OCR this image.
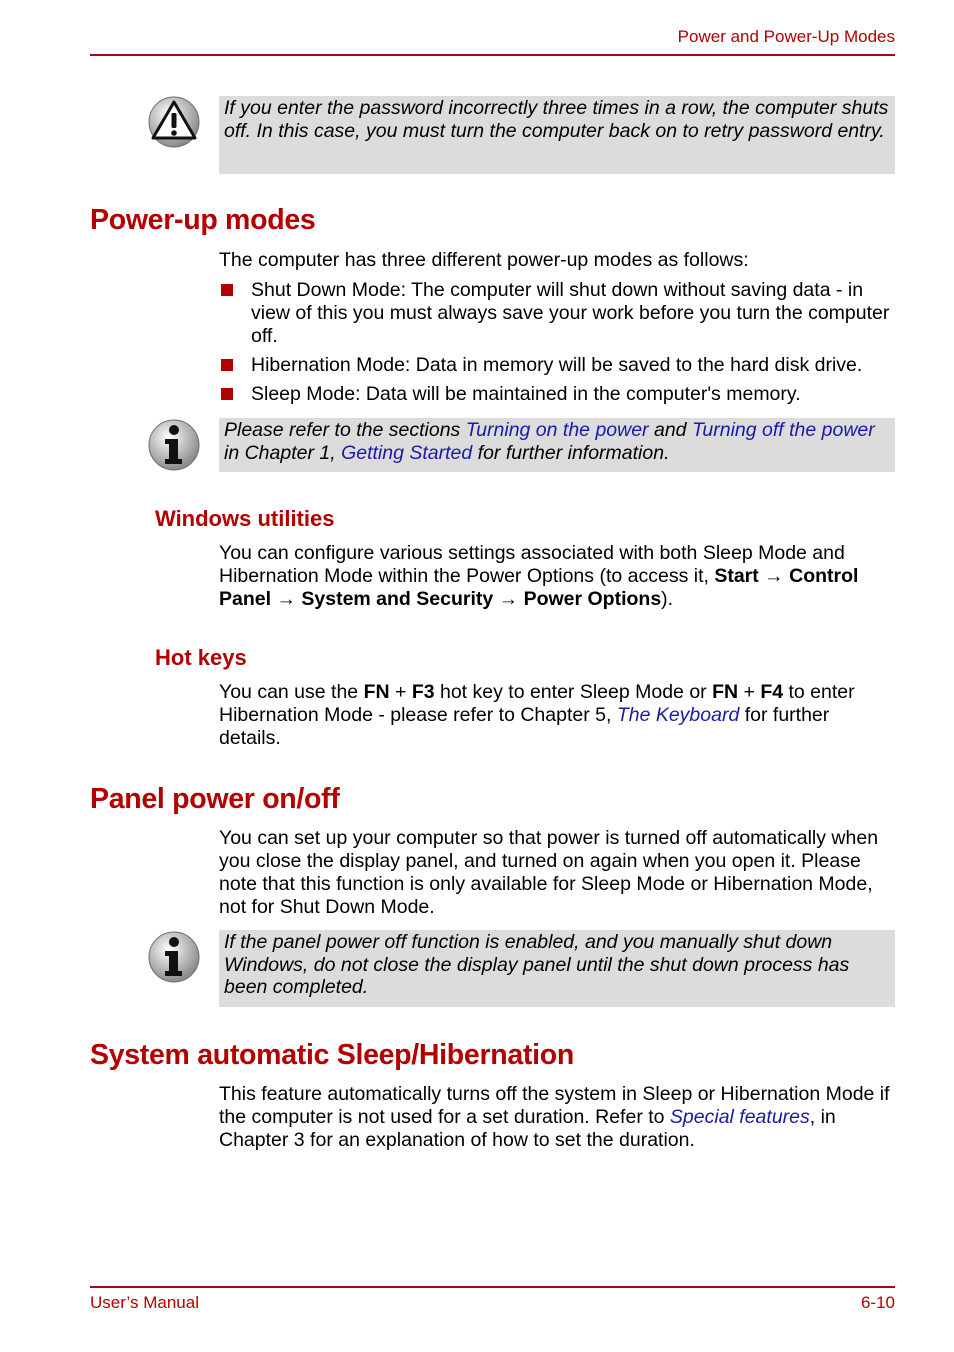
Power and Power-Up Modes
If you enter the password incorrectly three times in a row, the computer shuts off. In this case, you must turn the computer back on to retry password entry.
Power-up modes
The computer has three different power-up modes as follows:
Shut Down Mode: The computer will shut down without saving data - in view of this you must always save your work before you turn the computer off.
Hibernation Mode: Data in memory will be saved to the hard disk drive.
Sleep Mode: Data will be maintained in the computer's memory.
Please refer to the sections Turning on the power and Turning off the power in Chapter 1, Getting Started for further information.
Windows utilities
You can configure various settings associated with both Sleep Mode and Hibernation Mode within the Power Options (to access it, Start → Control Panel → System and Security → Power Options).
Hot keys
You can use the FN + F3 hot key to enter Sleep Mode or FN + F4 to enter Hibernation Mode - please refer to Chapter 5, The Keyboard for further details.
Panel power on/off
You can set up your computer so that power is turned off automatically when you close the display panel, and turned on again when you open it. Please note that this function is only available for Sleep Mode or Hibernation Mode, not for Shut Down Mode.
If the panel power off function is enabled, and you manually shut down Windows, do not close the display panel until the shut down process has been completed.
System automatic Sleep/Hibernation
This feature automatically turns off the system in Sleep or Hibernation Mode if the computer is not used for a set duration. Refer to Special features, in Chapter 3 for an explanation of how to set the duration.
User’s Manual	6-10
